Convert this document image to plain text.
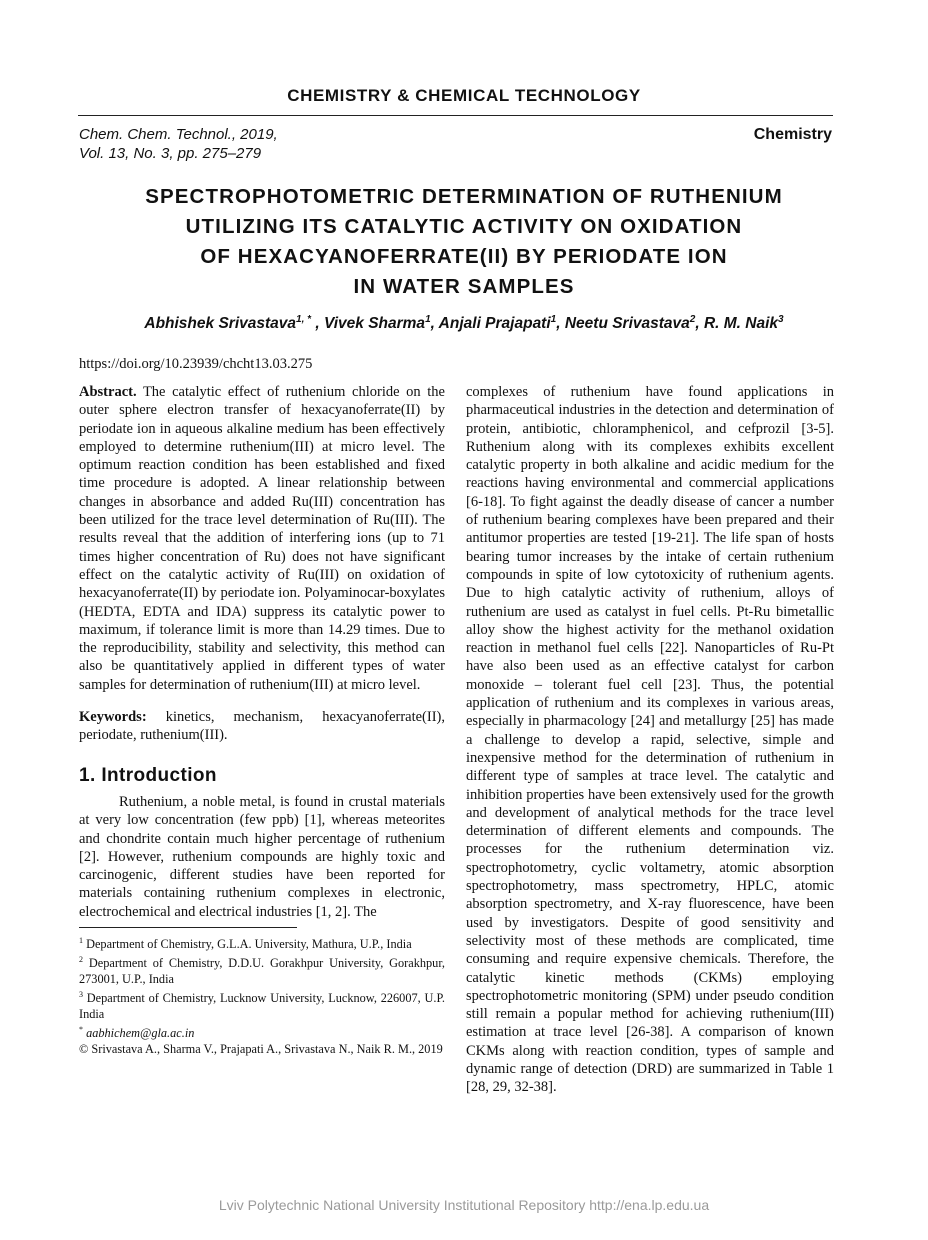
CHEMISTRY & CHEMICAL TECHNOLOGY
Chem. Chem. Technol., 2019,
Vol. 13, No. 3, pp. 275–279
Chemistry
SPECTROPHOTOMETRIC DETERMINATION OF RUTHENIUM
UTILIZING ITS CATALYTIC ACTIVITY ON OXIDATION
OF HEXACYANOFERRATE(II) BY PERIODATE ION
IN WATER SAMPLES
Abhishek Srivastava$^{1, *}$ , Vivek Sharma$^1$, Anjali Prajapati$^1$, Neetu Srivastava$^2$, R. M. Naik$^3$
https://doi.org/10.23939/chcht13.03.275

Abstract. The catalytic effect of ruthenium chloride on the outer sphere electron transfer of hexacyanoferrate(II) by periodate ion in aqueous alkaline medium has been effectively employed to determine ruthenium(III) at micro level. The optimum reaction condition has been established and fixed time procedure is adopted. A linear relationship between changes in absorbance and added Ru(III) concentration has been utilized for the trace level determination of Ru(III). The results reveal that the addition of interfering ions (up to 71 times higher concentration of Ru) does not have significant effect on the catalytic activity of Ru(III) on oxidation of hexacyanoferrate(II) by periodate ion. Polyaminocar-boxylates (HEDTA, EDTA and IDA) suppress its catalytic power to maximum, if tolerance limit is more than 14.29 times. Due to the reproducibility, stability and selectivity, this method can also be quantitatively applied in different types of water samples for determination of ruthenium(III) at micro level.

Keywords: kinetics, mechanism, hexacyanoferrate(II), periodate, ruthenium(III).

1. Introduction

Ruthenium, a noble metal, is found in crustal materials at very low concentration (few ppb) [1], whereas meteorites and chondrite contain much higher percentage of ruthenium [2]. However, ruthenium compounds are highly toxic and carcinogenic, different studies have been reported for materials containing ruthenium complexes in electronic, electrochemical and electrical industries [1, 2]. The

$^1$ Department of Chemistry, G.L.A. University, Mathura, U.P., India
$^2$ Department of Chemistry, D.D.U. Gorakhpur University, Gorakhpur, 273001, U.P., India
$^3$ Department of Chemistry, Lucknow University, Lucknow, 226007, U.P. India
* aabhichem@gla.ac.in
© Srivastava A., Sharma V., Prajapati A., Srivastava N., Naik R. M., 2019

complexes of ruthenium have found applications in pharmaceutical industries in the detection and determination of protein, antibiotic, chloramphenicol, and cefprozil [3-5]. Ruthenium along with its complexes exhibits excellent catalytic property in both alkaline and acidic medium for the reactions having environmental and commercial applications [6-18]. To fight against the deadly disease of cancer a number of ruthenium bearing complexes have been prepared and their antitumor properties are tested [19-21]. The life span of hosts bearing tumor increases by the intake of certain ruthenium compounds in spite of low cytotoxicity of ruthenium agents. Due to high catalytic activity of ruthenium, alloys of ruthenium are used as catalyst in fuel cells. Pt-Ru bimetallic alloy show the highest activity for the methanol oxidation reaction in methanol fuel cells [22]. Nanoparticles of Ru-Pt have also been used as an effective catalyst for carbon monoxide – tolerant fuel cell [23]. Thus, the potential application of ruthenium and its complexes in various areas, especially in pharmacology [24] and metallurgy [25] has made a challenge to develop a rapid, selective, simple and inexpensive method for the determination of ruthenium in different type of samples at trace level. The catalytic and inhibition properties have been extensively used for the growth and development of analytical methods for the trace level determination of different elements and compounds. The processes for the ruthenium determination viz. spectrophotometry, cyclic voltametry, atomic absorption spectrophotometry, mass spectrometry, HPLC, atomic absorption spectrometry, and X-ray fluorescence, have been used by investigators. Despite of good sensitivity and selectivity most of these methods are complicated, time consuming and require expensive chemicals. Therefore, the catalytic kinetic methods (CKMs) employing spectrophotometric monitoring (SPM) under pseudo condition still remain a popular method for achieving ruthenium(III) estimation at trace level [26-38]. A comparison of known CKMs along with reaction condition, types of sample and dynamic range of detection (DRD) are summarized in Table 1 [28, 29, 32-38].

Lviv Polytechnic National University Institutional Repository http://ena.lp.edu.ua
